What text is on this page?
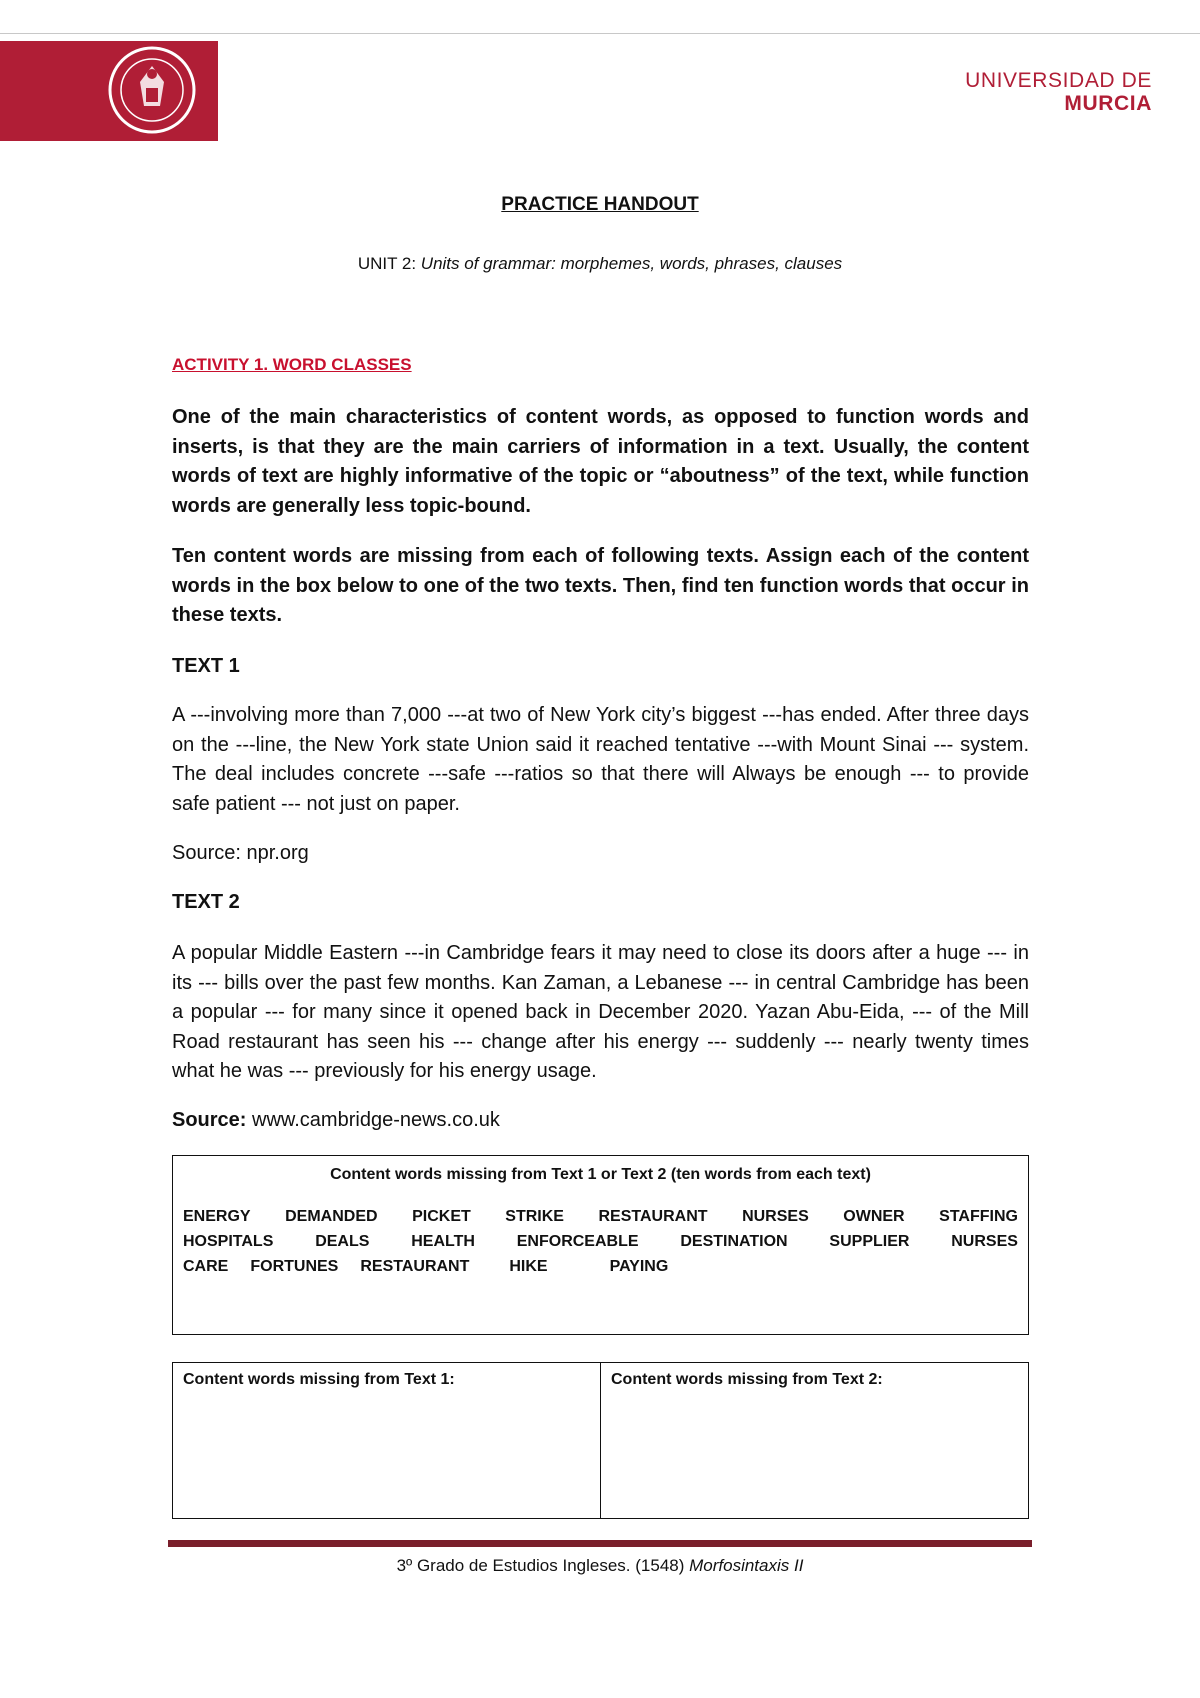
UNIVERSIDAD DE
MURCIA
PRACTICE HANDOUT
UNIT 2: Units of grammar: morphemes, words, phrases, clauses
ACTIVITY 1. WORD CLASSES
One of the main characteristics of content words, as opposed to function words and inserts, is that they are the main carriers of information in a text. Usually, the content words of text are highly informative of the topic or “aboutness” of the text, while function words are generally less topic-bound.
Ten content words are missing from each of following texts. Assign each of the content words in the box below to one of the two texts. Then, find ten function words that occur in these texts.
TEXT 1
A ---involving more than 7,000 ---at two of New York city’s biggest ---has ended. After three days on the ---line, the New York state Union said it reached tentative ---with Mount Sinai --- system. The deal includes concrete ---safe ---ratios so that there will Always be enough --- to provide safe patient --- not just on paper.
Source: npr.org
TEXT 2
A popular Middle Eastern ---in Cambridge fears it may need to close its doors after a huge --- in its --- bills over the past few months. Kan Zaman, a Lebanese --- in central Cambridge has been a popular --- for many since it opened back in December 2020. Yazan Abu-Eida, --- of the Mill Road restaurant has seen his --- change after his energy --- suddenly --- nearly twenty times what he was --- previously for his energy usage.
Source: www.cambridge-news.co.uk
Content words missing from Text 1 or Text 2 (ten words from each text)
ENERGY DEMANDED PICKET STRIKE RESTAURANT NURSES OWNER STAFFING
HOSPITALS	DEALS	HEALTH	ENFORCEABLE	DESTINATION	SUPPLIER	NURSES
CARE FORTUNES RESTAURANT	HIKE	PAYING
Content words missing from Text 1:	Content words missing from Text 2:
3º Grado de Estudios Ingleses. (1548) Morfosintaxis II
